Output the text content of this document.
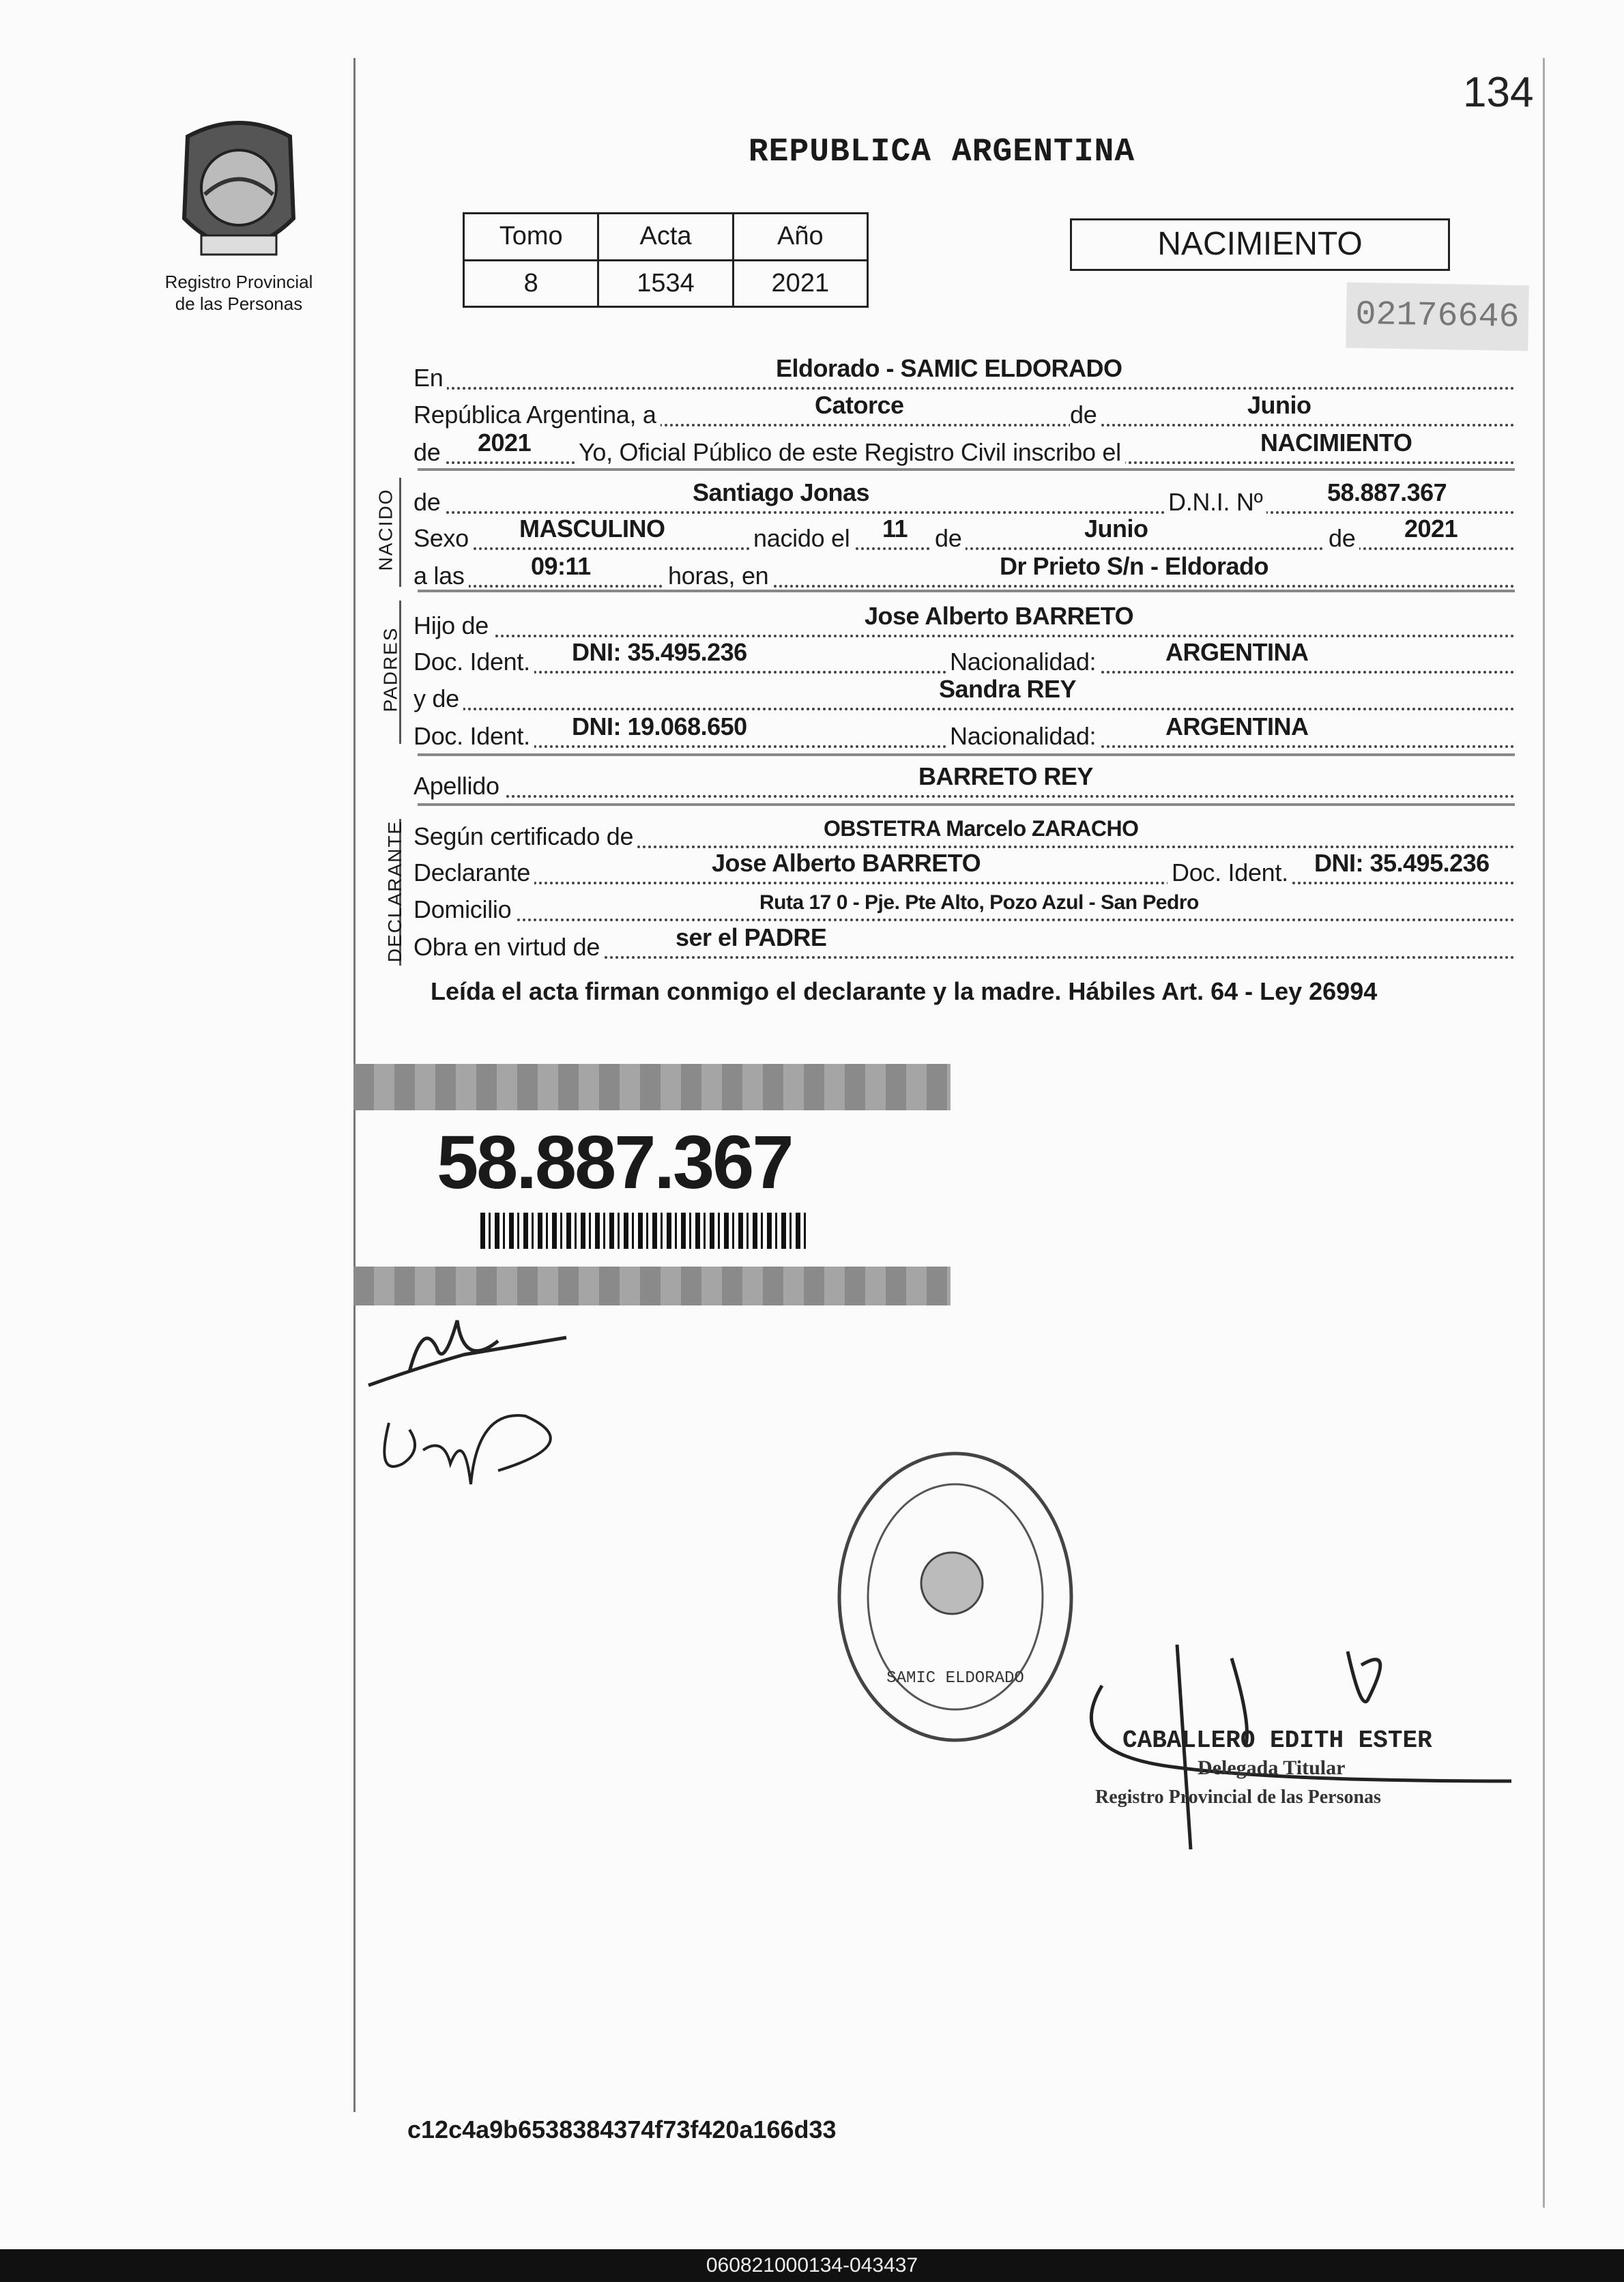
134
Registro Provincial
de las Personas
REPUBLICA ARGENTINA
Tomo	Acta	Año
8	1534	2021
NACIMIENTO
02176646
En	Eldorado - SAMIC ELDORADO
República Argentina, a	Catorce	de	Junio
de 2021 Yo, Oficial Público de este Registro Civil inscribo el	NACIMIENTO
NACIDO de	Santiago Jonas	D.N.I. Nº	58.887.367
Sexo MASCULINO	nacido el 11 de	Junio	de 2021
a las	09:11	horas, en	Dr Prieto S/n - Eldorado
PADRES
Hijo de	Jose Alberto BARRETO
Doc. Ident. DNI: 35.495.236	Nacionalidad:	ARGENTINA
y de	Sandra REY
Doc. Ident. DNI: 19.068.650	Nacionalidad:	ARGENTINA
Apellido	BARRETO REY
DECLARANTE Según certificado de	OBSTETRA Marcelo ZARACHO
Declarante	Jose Alberto BARRETO	Doc. Ident. DNI: 35.495.236
Domicilio	Ruta 17 0 - Pje. Pte Alto, Pozo Azul - San Pedro
Obra en virtud de	ser el PADRE
Leída el acta firman conmigo el declarante y la madre. Hábiles Art. 64 - Ley 26994
58.887.367
SAMIC ELDORADO
CABALLERO EDITH ESTER
Delegada Titular
Registro Provincial de las Personas
c12c4a9b6538384374f73f420a166d33
060821000134-043437
